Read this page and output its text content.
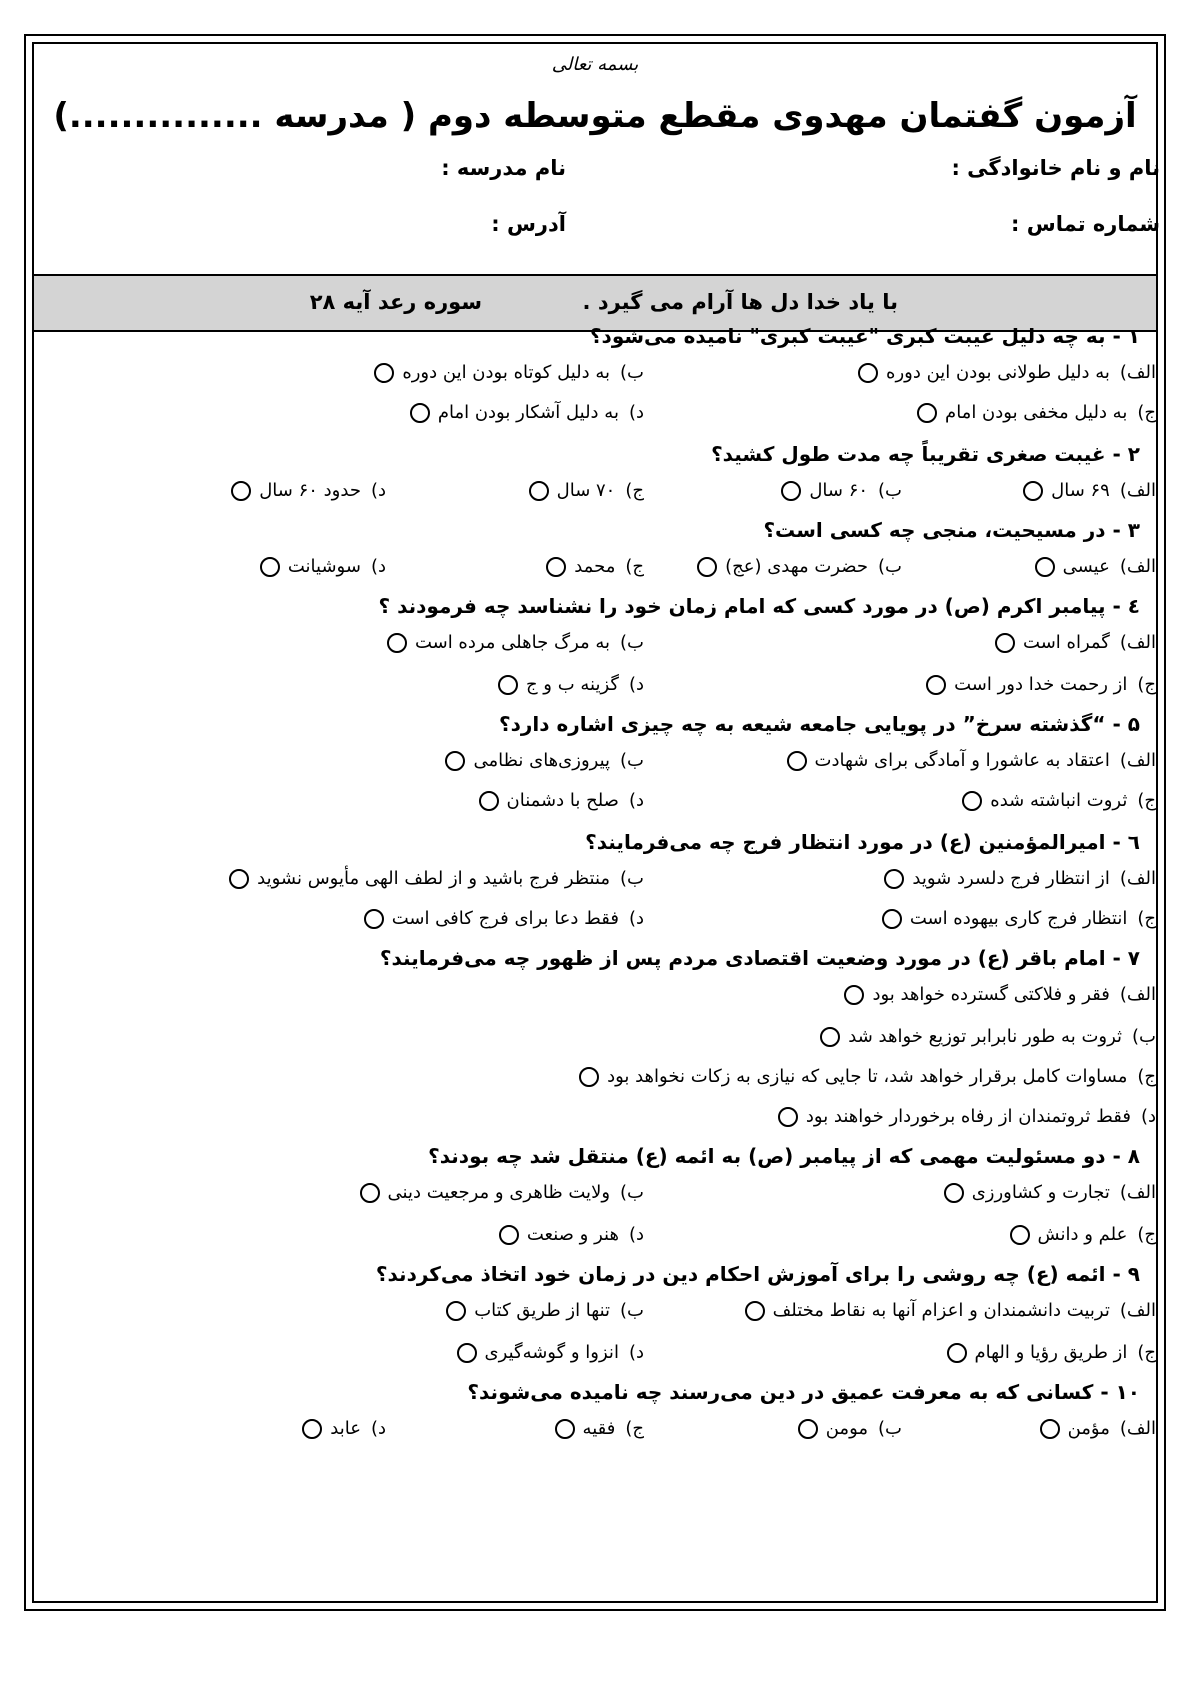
بسمه تعالی
آزمون گفتمان مهدوی مقطع متوسطه دوم ( مدرسه ...............)
نام و نام خانوادگی :
نام مدرسه :
شماره تماس :
آدرس :
با یاد خدا دل ها آرام می گیرد .
سوره رعد آیه ۲۸
۱ - به چه دلیل غیبت کبری "غیبت کبری" نامیده می‌شود؟
الف)
به دلیل طولانی بودن این دوره
ب)
به دلیل کوتاه بودن این دوره
ج)
به دلیل مخفی بودن امام
د)
به دلیل آشکار بودن امام
۲ - غیبت صغری تقریباً چه مدت طول کشید؟
الف)
۶۹ سال
ب)
۶۰ سال
ج)
۷۰ سال
د)
حدود ۶۰ سال
۳ - در مسیحیت، منجی چه کسی است؟
الف)
عیسی
ب)
حضرت مهدی (عج)
ج)
محمد
د)
سوشیانت
٤ - پیامبر اکرم (ص) در مورد کسی که امام زمان خود را نشناسد چه فرمودند ؟
الف)
گمراه است
ب)
به مرگ جاهلی مرده است
ج)
از رحمت خدا دور است
د)
گزینه ب و ج
۵ - “گذشته سرخ” در پویایی جامعه شیعه به چه چیزی اشاره دارد؟
الف)
اعتقاد به عاشورا و آمادگی برای شهادت
ب)
پیروزی‌های نظامی
ج)
ثروت انباشته شده
د)
صلح با دشمنان
٦ - امیرالمؤمنین (ع) در مورد انتظار فرج چه می‌فرمایند؟
الف)
از انتظار فرج دلسرد شوید
ب)
منتظر فرج باشید و از لطف الهی مأیوس نشوید
ج)
انتظار فرج کاری بیهوده است
د)
فقط دعا برای فرج کافی است
۷ - امام باقر (ع) در مورد وضعیت اقتصادی مردم پس از ظهور چه می‌فرمایند؟
الف)
فقر و فلاکتی گسترده خواهد بود
ب)
ثروت به طور نابرابر توزیع خواهد شد
ج)
مساوات کامل برقرار خواهد شد، تا جایی که نیازی به زکات نخواهد بود
د)
فقط ثروتمندان از رفاه برخوردار خواهند بود
۸ - دو مسئولیت مهمی که از پیامبر (ص) به ائمه (ع) منتقل شد چه بودند؟
الف)
تجارت و کشاورزی
ب)
ولایت ظاهری و مرجعیت دینی
ج)
علم و دانش
د)
هنر و صنعت
۹ - ائمه (ع) چه روشی را برای آموزش احکام دین در زمان خود اتخاذ می‌کردند؟
الف)
تربیت دانشمندان و اعزام آنها به نقاط مختلف
ب)
تنها از طریق کتاب
ج)
از طریق رؤیا و الهام
د)
انزوا و گوشه‌گیری
۱۰ - کسانی که به معرفت عمیق در دین می‌رسند چه نامیده می‌شوند؟
الف)
مؤمن
ب)
مومن
ج)
فقیه
د)
عابد
